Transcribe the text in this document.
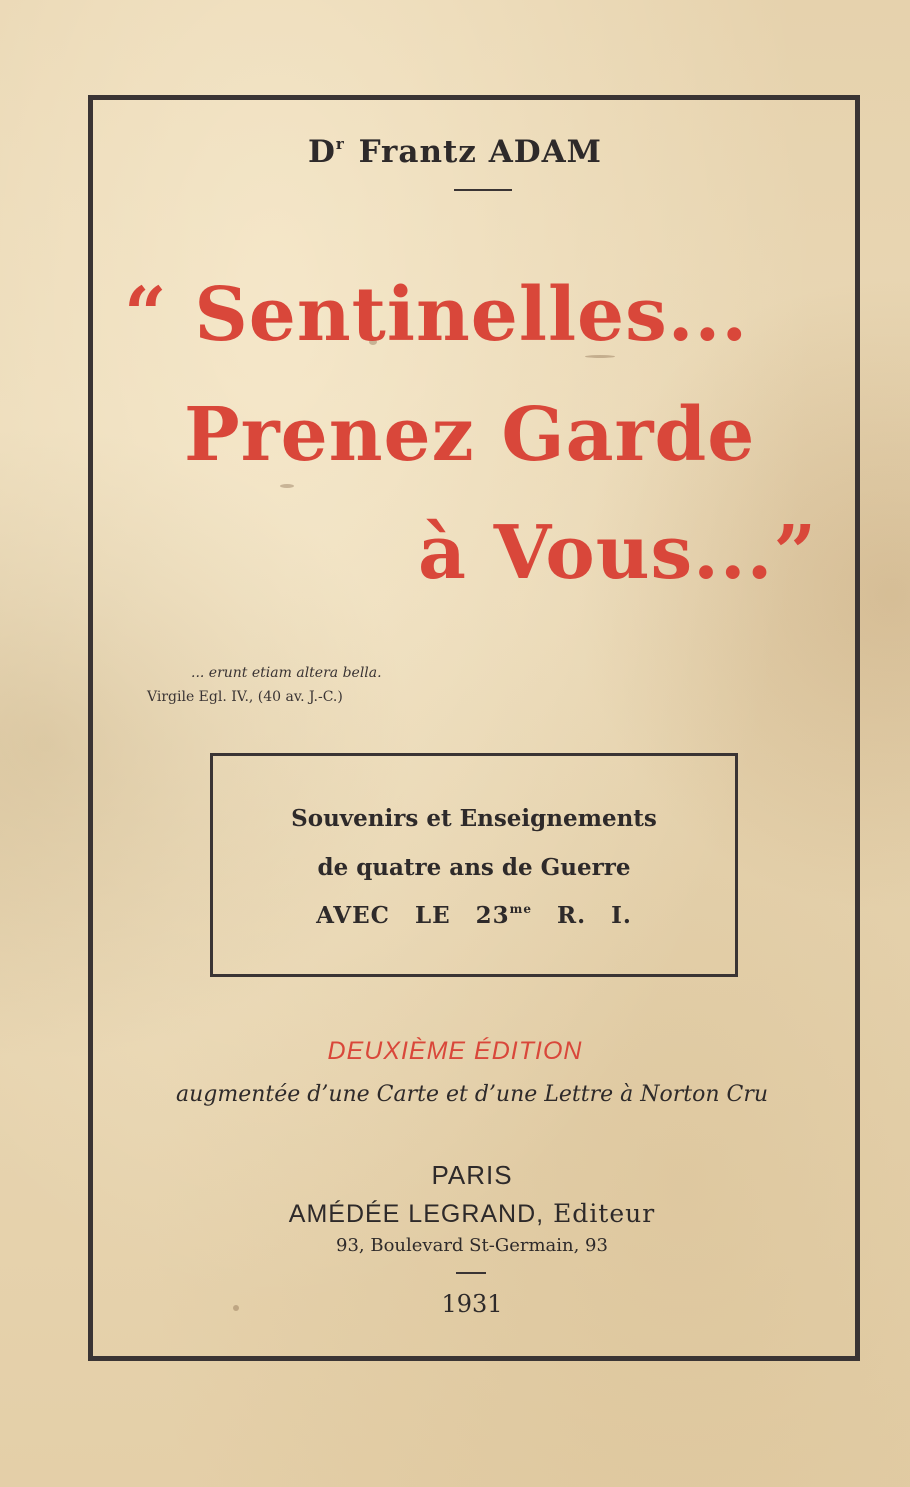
$D^r$ Frantz ADAM
“ Sentinelles...
Prenez Garde
à Vous...”
... erunt etiam altera bella.
Virgile Egl. IV., (40 av. J.-C.)
Souvenirs et Enseignements
de quatre ans de Guerre
AVEC LE $23^{me}$ R. I.
DEUXIÈME ÉDITION
augmentée d’une Carte et d’une Lettre à Norton Cru
PARIS
AMÉDÉE LEGRAND, Editeur
93, Boulevard St-Germain, 93
1931
